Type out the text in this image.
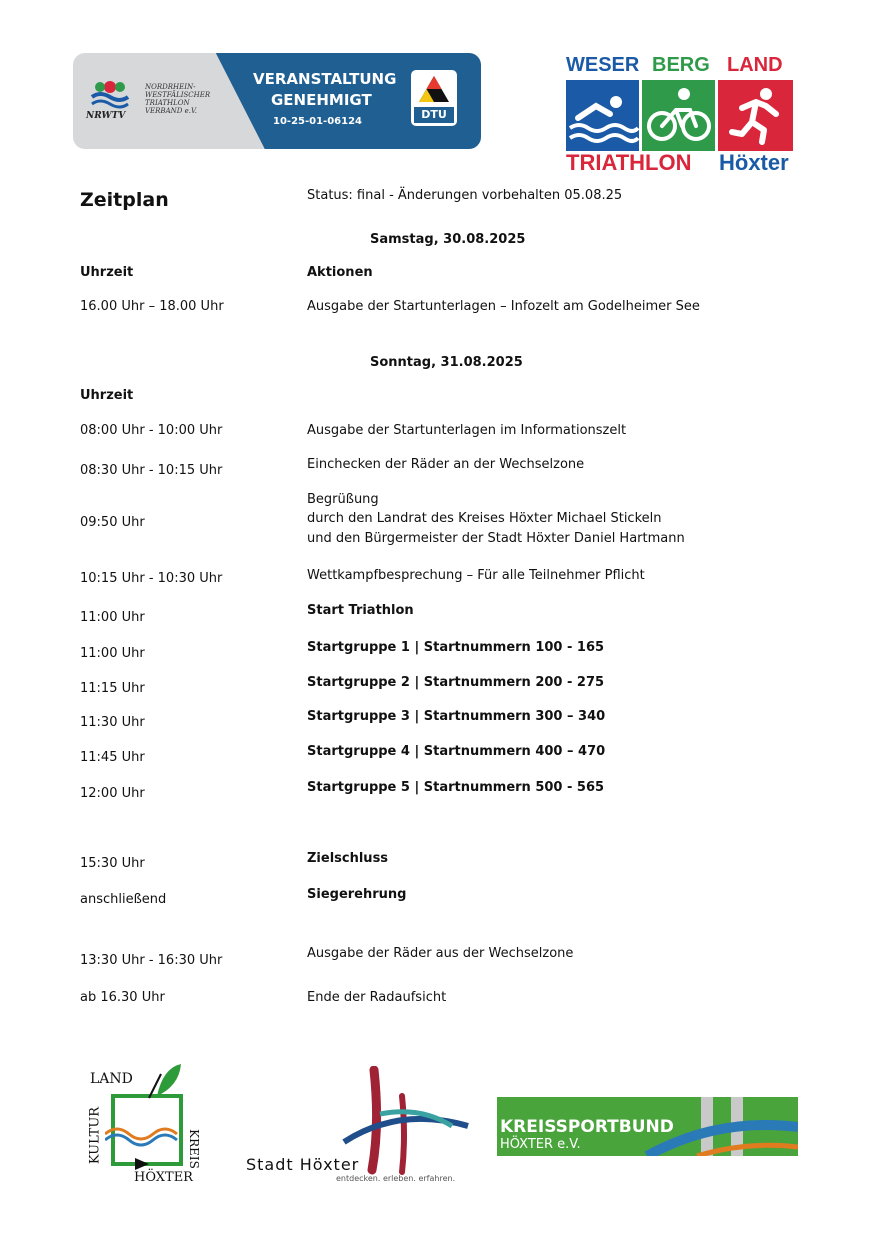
NORDRHEIN-
WESTFÄLISCHER
TRIATHLON
VERBAND e.V.
NRWTV
VERANSTALTUNG
GENEHMIGT
10-25-01-06124
DTU
WESER BERG LAND
TRIATHLON Höxter
Zeitplan	Status: final - Änderungen vorbehalten 05.08.25
Samstag, 30.08.2025
Uhrzeit	Aktionen
16.00 Uhr – 18.00 Uhr	Ausgabe der Startunterlagen – Infozelt am Godelheimer See
Sonntag, 31.08.2025
Uhrzeit
08:00 Uhr - 10:00 Uhr	Ausgabe der Startunterlagen im Informationszelt
08:30 Uhr - 10:15 Uhr	Einchecken der Räder an der Wechselzone
09:50 Uhr
Begrüßung
durch den Landrat des Kreises Höxter Michael Stickeln
und den Bürgermeister der Stadt Höxter Daniel Hartmann
10:15 Uhr - 10:30 Uhr	Wettkampfbesprechung – Für alle Teilnehmer Pflicht
11:00 Uhr	Start Triathlon
11:00 Uhr	Startgruppe 1 | Startnummern 100 - 165
11:15 Uhr	Startgruppe 2 | Startnummern 200 - 275
11:30 Uhr	Startgruppe 3 | Startnummern 300 – 340
11:45 Uhr	Startgruppe 4 | Startnummern 400 – 470
12:00 Uhr	Startgruppe 5 | Startnummern 500 - 565
15:30 Uhr	Zielschluss
anschließend	Siegerehrung
13:30 Uhr - 16:30 Uhr	Ausgabe der Räder aus der Wechselzone
ab 16.30 Uhr	Ende der Radaufsicht
LAND
KULTUR	KREIS
HÖXTER
Stadt Höxter
entdecken. erleben. erfahren.
KREISSPORTBUND
HÖXTER e.V.
